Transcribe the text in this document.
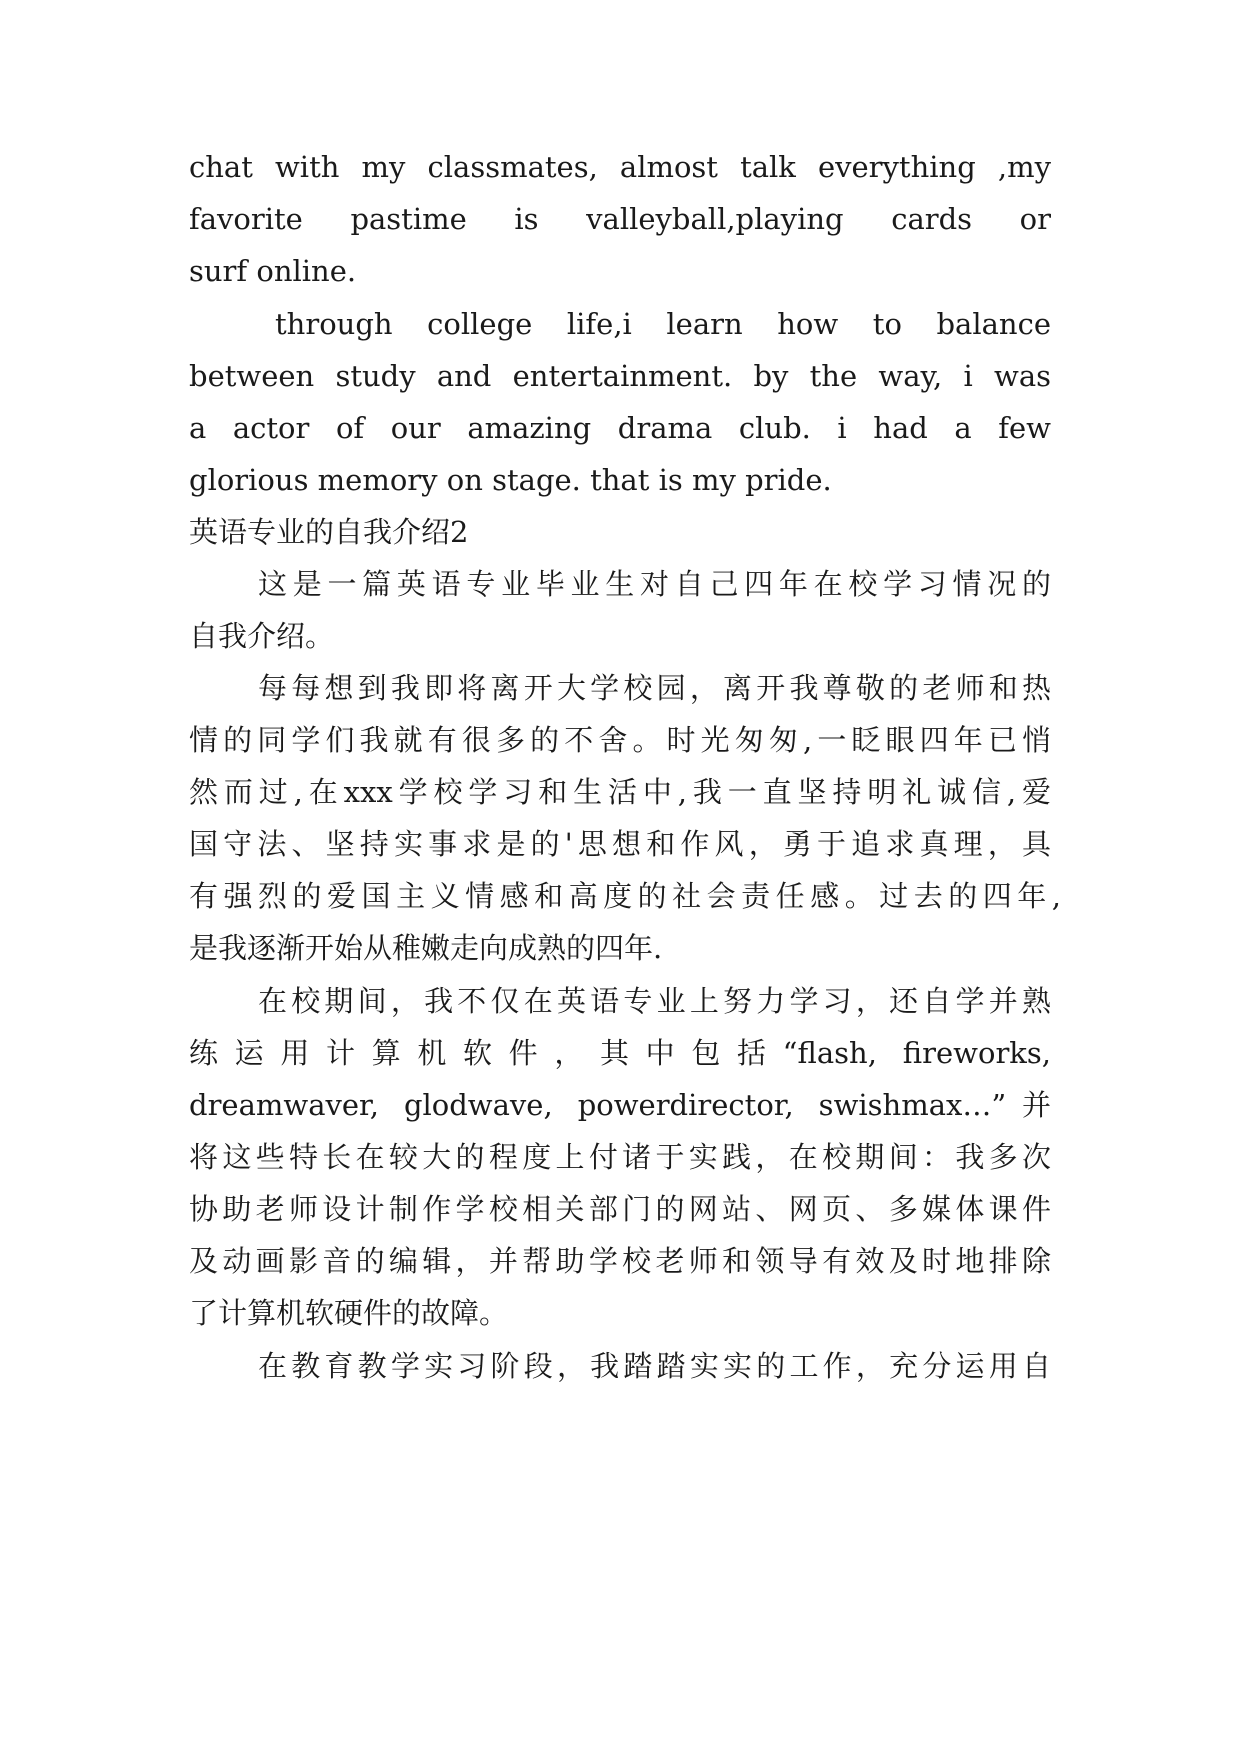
chat with my classmates, almost talk everything ,my
favorite pastime is valleyball,playing cards or
surf online.
through college life,i learn how to balance
between study and entertainment. by the way, i was
a actor of our amazing drama club. i had a few
glorious memory on stage. that is my pride.
英语专业的自我介绍2
这是一篇英语专业毕业生对自己四年在校学习情况的
自我介绍。
每每想到我即将离开大学校园，离开我尊敬的老师和热
情的同学们我就有很多的不舍。时光匆匆,一眨眼四年已悄
然而过,在xxx学校学习和生活中,我一直坚持明礼诚信,爱
国守法、坚持实事求是的'思想和作风，勇于追求真理，具
有强烈的爱国主义情感和高度的社会责任感。过去的四年,
是我逐渐开始从稚嫩走向成熟的四年.
在校期间，我不仅在英语专业上努力学习，还自学并熟
练运用计算机软件，其中包括“flash, fireworks,
dreamwaver, glodwave, powerdirector, swishmax…”并
将这些特长在较大的程度上付诸于实践，在校期间：我多次
协助老师设计制作学校相关部门的网站、网页、多媒体课件
及动画影音的编辑，并帮助学校老师和领导有效及时地排除
了计算机软硬件的故障。
在教育教学实习阶段，我踏踏实实的工作，充分运用自
